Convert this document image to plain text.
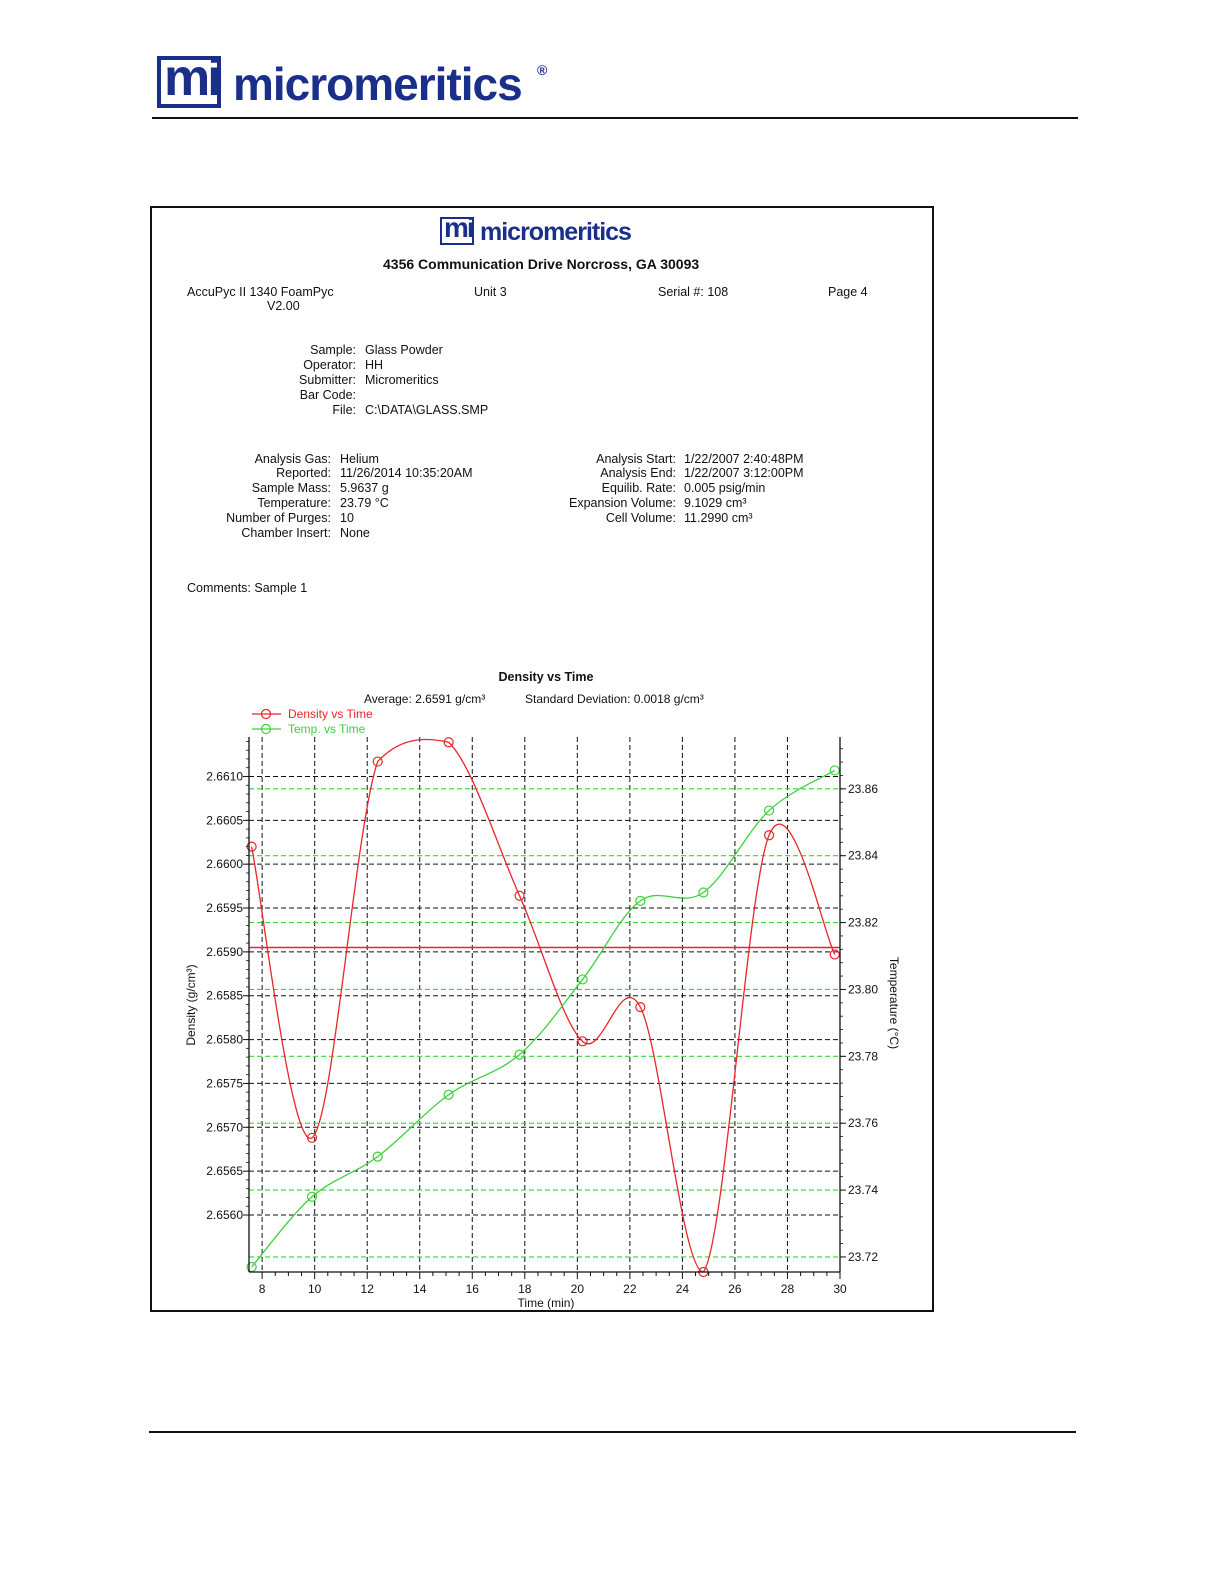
mi micromeritics ®
mi micromeritics
4356 Communication Drive Norcross, GA 30093
AccuPyc II 1340 FoamPyc
V2.00
Unit 3	Serial #: 108	Page 4
Sample: Glass Powder
Operator: HH
Submitter: Micromeritics
Bar Code:
File: C:\DATA\GLASS.SMP
Analysis Gas: Helium
Reported: 11/26/2014 10:35:20AM
Sample Mass: 5.9637 g
Temperature: 23.79 °C
Number of Purges: 10
Chamber Insert: None
Analysis Start: 1/22/2007 2:40:48PM
Analysis End: 1/22/2007 3:12:00PM
Equilib. Rate: 0.005 psig/min
Expansion Volume: 9.1029 cm³
Cell Volume: 11.2990 cm³
Comments: Sample 1
8	10	12	14	16	18	20	22	24	26	28	30
2.6560
2.6565
2.6570
2.6575
2.6580
2.6585
2.6590
2.6595
2.6600
2.6605
2.6610
23.72
23.74
23.76
23.78
23.80
23.82
23.84
23.86
Density vs Time
Average: 2.6591 g/cm³	Standard Deviation: 0.0018 g/cm³
Time (min)
Density (g/cm³)	Temperature (°C)
Density vs Time
Temp. vs Time
